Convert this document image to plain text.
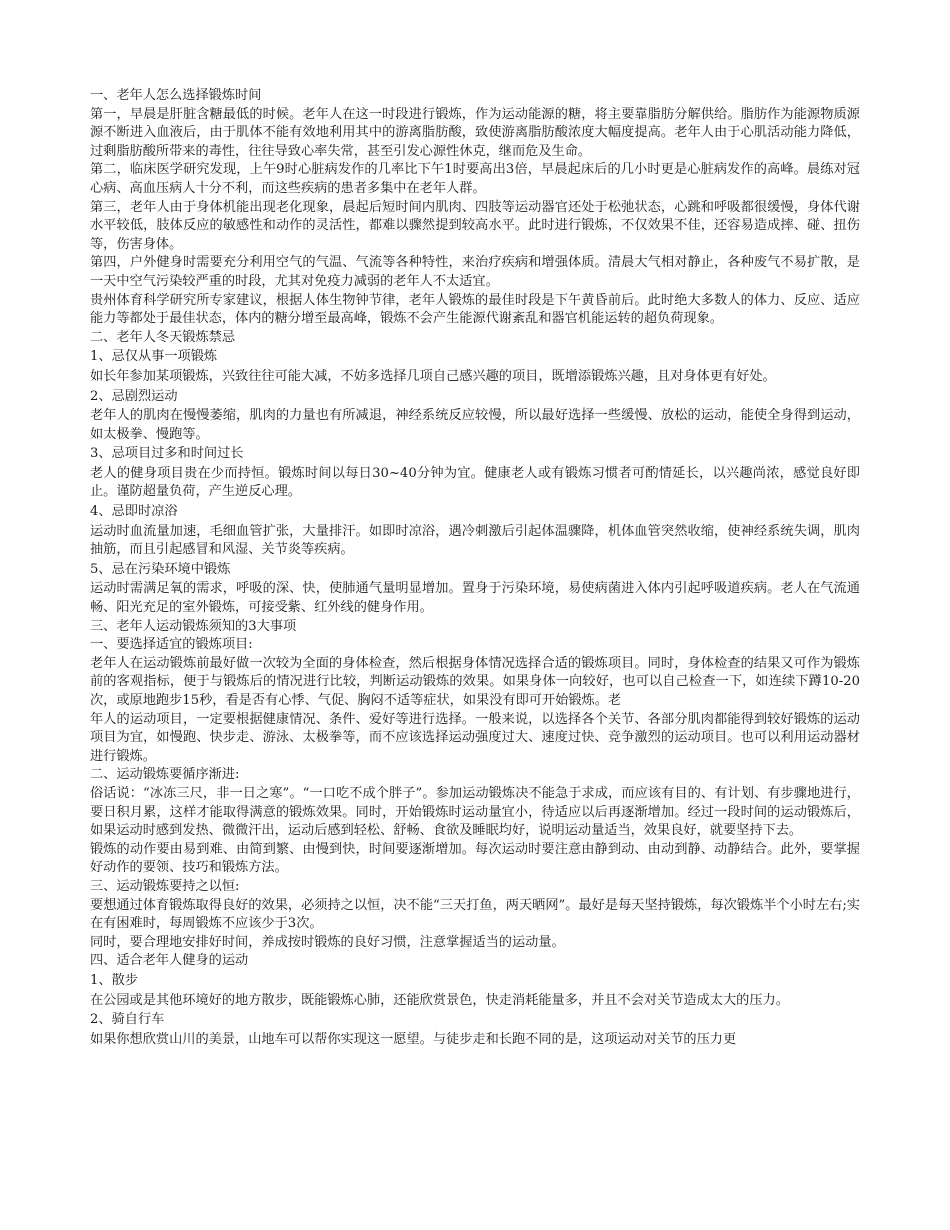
一、老年人怎么选择锻炼时间

第一，早晨是肝脏含糖最低的时候。老年人在这一时段进行锻炼，作为运动能源的糖，将主要靠脂肪分解供给。脂肪作为能源物质源源不断进入血液后，由于肌体不能有效地利用其中的游离脂肪酸，致使游离脂肪酸浓度大幅度提高。老年人由于心肌活动能力降低，过剩脂肪酸所带来的毒性，往往导致心率失常，甚至引发心源性休克，继而危及生命。

第二，临床医学研究发现，上午9时心脏病发作的几率比下午1时要高出3倍，早晨起床后的几小时更是心脏病发作的高峰。晨练对冠心病、高血压病人十分不利，而这些疾病的患者多集中在老年人群。

第三，老年人由于身体机能出现老化现象，晨起后短时间内肌肉、四肢等运动器官还处于松弛状态，心跳和呼吸都很缓慢，身体代谢水平较低，肢体反应的敏感性和动作的灵活性，都难以骤然提到较高水平。此时进行锻炼，不仅效果不佳，还容易造成摔、碰、扭伤等，伤害身体。

第四，户外健身时需要充分利用空气的气温、气流等各种特性，来治疗疾病和增强体质。清晨大气相对静止，各种废气不易扩散，是一天中空气污染较严重的时段，尤其对免疫力减弱的老年人不太适宜。

贵州体育科学研究所专家建议，根据人体生物钟节律，老年人锻炼的最佳时段是下午黄昏前后。此时绝大多数人的体力、反应、适应能力等都处于最佳状态，体内的糖分增至最高峰，锻炼不会产生能源代谢紊乱和器官机能运转的超负荷现象。

二、老年人冬天锻炼禁忌

1、忌仅从事一项锻炼

如长年参加某项锻炼，兴致往往可能大减，不妨多选择几项自己感兴趣的项目，既增添锻炼兴趣，且对身体更有好处。

2、忌剧烈运动

老年人的肌肉在慢慢萎缩，肌肉的力量也有所减退，神经系统反应较慢，所以最好选择一些缓慢、放松的运动，能使全身得到运动，如太极拳、慢跑等。

3、忌项目过多和时间过长

老人的健身项目贵在少而持恒。锻炼时间以每日30~40分钟为宜。健康老人或有锻炼习惯者可酌情延长，以兴趣尚浓，感觉良好即止。谨防超量负荷，产生逆反心理。

4、忌即时凉浴

运动时血流量加速，毛细血管扩张，大量排汗。如即时凉浴，遇冷刺激后引起体温骤降，机体血管突然收缩，使神经系统失调，肌肉抽筋，而且引起感冒和风湿、关节炎等疾病。

5、忌在污染环境中锻炼

运动时需满足氧的需求，呼吸的深、快，使肺通气量明显增加。置身于污染环境，易使病菌进入体内引起呼吸道疾病。老人在气流通畅、阳光充足的室外锻炼，可接受紫、红外线的健身作用。

三、老年人运动锻炼须知的3大事项

一、要选择适宜的锻炼项目:

老年人在运动锻炼前最好做一次较为全面的身体检查，然后根据身体情况选择合适的锻炼项目。同时，身体检查的结果又可作为锻炼前的客观指标，便于与锻炼后的情况进行比较，判断运动锻炼的效果。如果身体一向较好，也可以自己检查一下，如连续下蹲10-20次，或原地跑步15秒，看是否有心悸、气促、胸闷不适等症状，如果没有即可开始锻炼。老

年人的运动项目，一定要根据健康情况、条件、爱好等进行选择。一般来说，以选择各个关节、各部分肌肉都能得到较好锻炼的运动项目为宜，如慢跑、快步走、游泳、太极拳等，而不应该选择运动强度过大、速度过快、竞争激烈的运动项目。也可以利用运动器材进行锻炼。

二、运动锻炼要循序渐进:

俗话说：“冰冻三尺，非一日之寒”。“一口吃不成个胖子”。参加运动锻炼决不能急于求成，而应该有目的、有计划、有步骤地进行，要日积月累，这样才能取得满意的锻炼效果。同时，开始锻炼时运动量宜小，待适应以后再逐渐增加。经过一段时间的运动锻炼后，如果运动时感到发热、微微汗出，运动后感到轻松、舒畅、食欲及睡眠均好，说明运动量适当，效果良好，就要坚持下去。

锻炼的动作要由易到难、由简到繁、由慢到快，时间要逐渐增加。每次运动时要注意由静到动、由动到静、动静结合。此外，要掌握好动作的要领、技巧和锻炼方法。

三、运动锻炼要持之以恒:

要想通过体育锻炼取得良好的效果，必须持之以恒，决不能“三天打鱼，两天晒网”。最好是每天坚持锻炼，每次锻炼半个小时左右;实在有困难时，每周锻炼不应该少于3次。

同时，要合理地安排好时间，养成按时锻炼的良好习惯，注意掌握适当的运动量。

四、适合老年人健身的运动

1、散步

在公园或是其他环境好的地方散步，既能锻炼心肺，还能欣赏景色，快走消耗能量多，并且不会对关节造成太大的压力。

2、骑自行车

如果你想欣赏山川的美景，山地车可以帮你实现这一愿望。与徒步走和长跑不同的是，这项运动对关节的压力更
